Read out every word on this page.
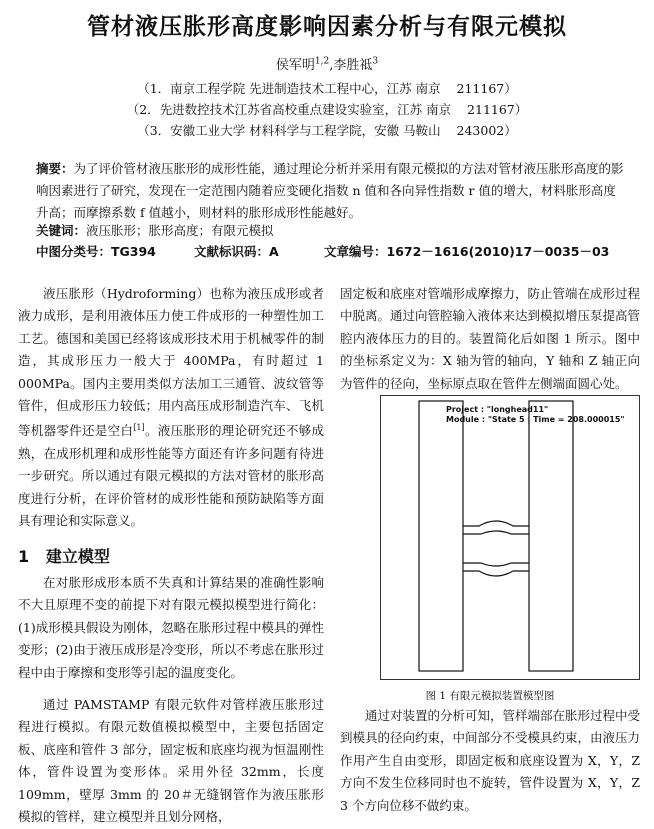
管材液压胀形高度影响因素分析与有限元模拟
侯军明$^{1,2}$,李胜祗$^3$
（1．南京工程学院 先进制造技术工程中心，江苏 南京    211167）
（2．先进数控技术江苏省高校重点建设实验室，江苏 南京    211167）
（3．安徽工业大学 材料科学与工程学院，安徽 马鞍山    243002）
摘要：为了评价管材液压胀形的成形性能，通过理论分析并采用有限元模拟的方法对管材液压胀形高度的影响因素进行了研究，发现在一定范围内随着应变硬化指数 n 值和各向异性指数 r 值的增大，材料胀形高度升高；而摩擦系数 f 值越小，则材料的胀形成形性能越好。
关键词：液压胀形；胀形高度；有限元模拟
中图分类号：TG394	文献标识码：A	文章编号：1672－1616(2010)17－0035－03
液压胀形（Hydroforming）也称为液压成形或者液力成形，是利用液体压力使工件成形的一种塑性加工工艺。德国和美国已经将该成形技术用于机械零件的制造，其成形压力一般大于 400MPa，有时超过 1 000MPa。国内主要用类似方法加工三通管、波纹管等管件，但成形压力较低；用内高压成形制造汽车、飞机等机器零件还是空白[1]。液压胀形的理论研究还不够成熟，在成形机理和成形性能等方面还有许多问题有待进一步研究。所以通过有限元模拟的方法对管材的胀形高度进行分析，在评价管材的成形性能和预防缺陷等方面具有理论和实际意义。
1   建立模型
在对胀形成形本质不失真和计算结果的准确性影响不大且原理不变的前提下对有限元模拟模型进行简化：(1)成形模具假设为刚体，忽略在胀形过程中模具的弹性变形；(2)由于液压成形是冷变形，所以不考虑在胀形过程中由于摩擦和变形等引起的温度变化。
通过 PAMSTAMP 有限元软件对管样液压胀形过程进行模拟。有限元数值模拟模型中，主要包括固定板、底座和管件 3 部分，固定板和底座均视为恒温刚性体，管件设置为变形体。采用外径 32mm，长度 109mm，壁厚 3mm 的 20＃无缝钢管作为液压胀形模拟的管样，建立模型并且划分网格，
固定板和底座对管端形成摩擦力，防止管端在成形过程中脱离。通过向管腔输入液体来达到模拟增压泵提高管腔内液体压力的目的。装置简化后如图 1 所示。图中的坐标系定义为：X 轴为管的轴向，Y 轴和 Z 轴正向为管件的径向，坐标原点取在管件左侧端面圆心处。
Project : "longhead11"
Module : "State 5 | Time = 208.000015"
图 1 有限元模拟装置模型图
通过对装置的分析可知，管样端部在胀形过程中受到模具的径向约束，中间部分不受模具约束，由液压力作用产生自由变形，即固定板和底座设置为 X，Y，Z 方向不发生位移同时也不旋转，管件设置为 X，Y，Z 3 个方向位移不做约束。
